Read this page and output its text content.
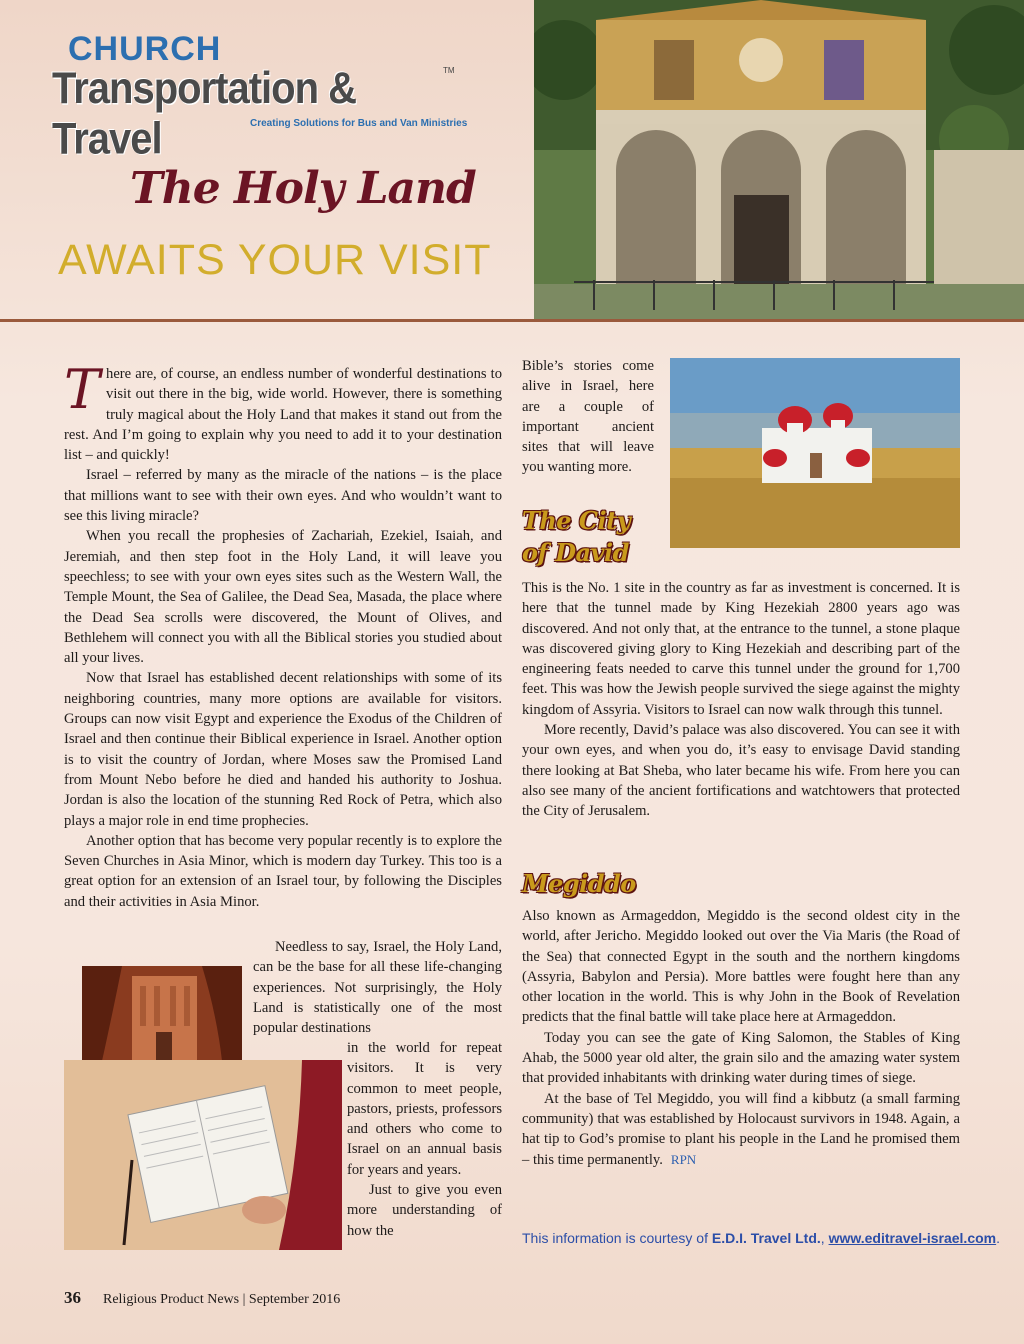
CHURCH
Transportation & Travel
TM
Creating Solutions for Bus and Van Ministries
The Holy Land
AWAITS YOUR VISIT

There are, of course, an endless number of wonderful destinations to visit out there in the big, wide world. However, there is something truly magical about the Holy Land that makes it stand out from the rest. And I’m going to explain why you need to add it to your destination list – and quickly!

Israel – referred by many as the miracle of the nations – is the place that millions want to see with their own eyes. And who wouldn’t want to see this living miracle?

When you recall the prophesies of Zachariah, Ezekiel, Isaiah, and Jeremiah, and then step foot in the Holy Land, it will leave you speechless; to see with your own eyes sites such as the Western Wall, the Temple Mount, the Sea of Galilee, the Dead Sea, Masada, the place where the Dead Sea scrolls were discovered, the Mount of Olives, and Bethlehem will connect you with all the Biblical stories you studied about all your lives.

Now that Israel has established decent relationships with some of its neighboring countries, many more options are available for visitors. Groups can now visit Egypt and experience the Exodus of the Children of Israel and then continue their Biblical experience in Israel. Another option is to visit the country of Jordan, where Moses saw the Promised Land from Mount Nebo before he died and handed his authority to Joshua. Jordan is also the location of the stunning Red Rock of Petra, which also plays a major role in end time prophecies.

Another option that has become very popular recently is to explore the Seven Churches in Asia Minor, which is modern day Turkey. This too is a great option for an extension of an Israel tour, by following the Disciples and their activities in Asia Minor.

Needless to say, Israel, the Holy Land, can be the base for all these life-changing experiences. Not surprisingly, the Holy Land is statistically one of the most popular destinations

in the world for repeat visitors. It is very common to meet people, pastors, priests, professors and others who come to Israel on an annual basis for years and years.

Just to give you even more understanding of how the

Bible’s stories come alive in Israel, here are a couple of important ancient sites that will leave you wanting more.

The City of David

This is the No. 1 site in the country as far as investment is concerned. It is here that the tunnel made by King Hezekiah 2800 years ago was discovered. And not only that, at the entrance to the tunnel, a stone plaque was discovered giving glory to King Hezekiah and describing part of the engineering feats needed to carve this tunnel under the ground for 1,700 feet. This was how the Jewish people survived the siege against the mighty kingdom of Assyria. Visitors to Israel can now walk through this tunnel.

More recently, David’s palace was also discovered. You can see it with your own eyes, and when you do, it’s easy to envisage David standing there looking at Bat Sheba, who later became his wife. From here you can also see many of the ancient fortifications and watchtowers that protected the City of Jerusalem.

Megiddo

Also known as Armageddon, Megiddo is the second oldest city in the world, after Jericho. Megiddo looked out over the Via Maris (the Road of the Sea) that connected Egypt in the south and the northern kingdoms (Assyria, Babylon and Persia). More battles were fought here than any other location in the world. This is why John in the Book of Revelation predicts that the final battle will take place here at Armageddon.

Today you can see the gate of King Salomon, the Stables of King Ahab, the 5000 year old alter, the grain silo and the amazing water system that provided inhabitants with drinking water during times of siege.

At the base of Tel Megiddo, you will find a kibbutz (a small farming community) that was established by Holocaust survivors in 1948. Again, a hat tip to God’s promise to plant his people in the Land he promised them – this time permanently. RPN

This information is courtesy of E.D.I. Travel Ltd., www.editravel-israel.com.
36 Religious Product News | September 2016
